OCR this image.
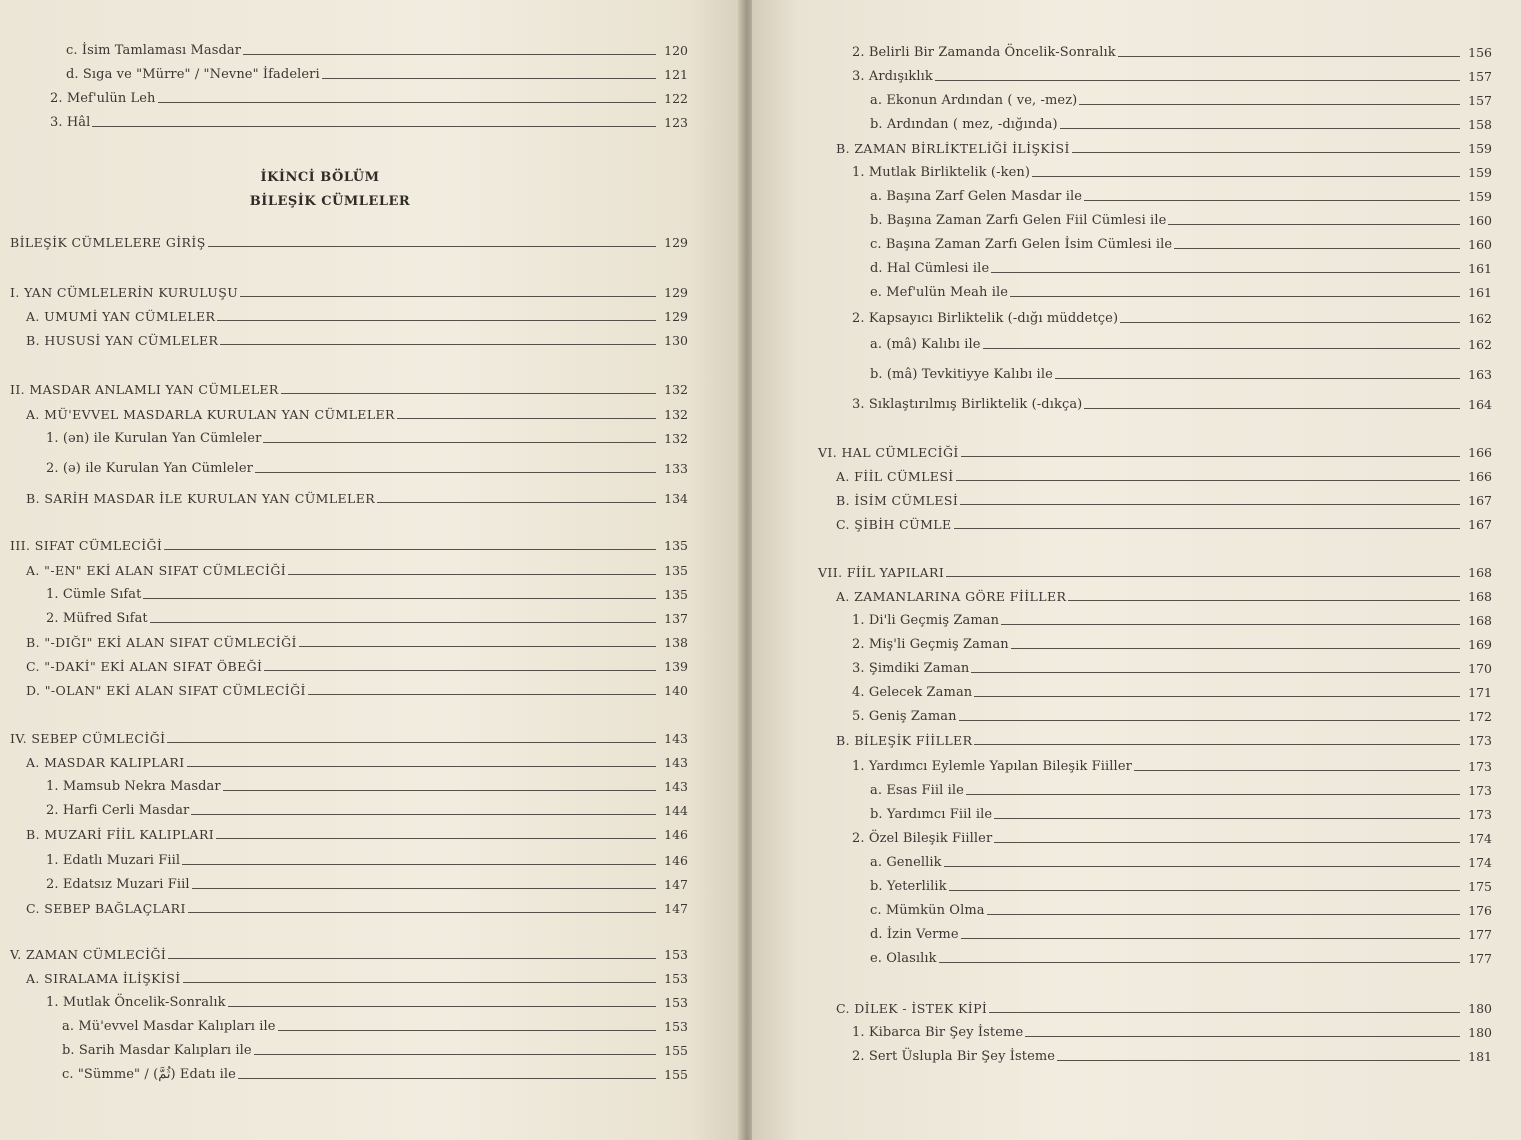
c. İsim Tamlaması Masdar	120
d. Sıga ve "Mürre" / "Nevne" İfadeleri	121
2. Mef'ulün Leh	122
3. Hâl	123
İKİNCİ BÖLÜM
BİLEŞİK CÜMLELER
BİLEŞİK CÜMLELERE GİRİŞ	129
I. YAN CÜMLELERİN KURULUŞU	129
A. UMUMİ YAN CÜMLELER	129
B. HUSUSİ YAN CÜMLELER	130
II. MASDAR ANLAMLI YAN CÜMLELER	132
A. MÜ'EVVEL MASDARLA KURULAN YAN CÜMLELER	132
1. (ən) ile Kurulan Yan Cümleler	132
2. (ə) ile Kurulan Yan Cümleler	133
B. SARİH MASDAR İLE KURULAN YAN CÜMLELER	134
III. SIFAT CÜMLECİĞİ	135
A. "-EN" EKİ ALAN SIFAT CÜMLECİĞİ	135
1. Cümle Sıfat	135
2. Müfred Sıfat	137
B. "-DIĞI" EKİ ALAN SIFAT CÜMLECİĞİ	138
C. "-DAKİ" EKİ ALAN SIFAT ÖBEĞİ	139
D. "-OLAN" EKİ ALAN SIFAT CÜMLECİĞİ	140
IV. SEBEP CÜMLECİĞİ	143
A. MASDAR KALIPLARI	143
1. Mamsub Nekra Masdar	143
2. Harfi Cerli Masdar	144
B. MUZARİ FİİL KALIPLARI	146
1. Edatlı Muzari Fiil	146
2. Edatsız Muzari Fiil	147
C. SEBEP BAĞLAÇLARI	147
V. ZAMAN CÜMLECİĞİ	153
A. SIRALAMA İLİŞKİSİ	153
1. Mutlak Öncelik-Sonralık	153
a. Mü'evvel Masdar Kalıpları ile	153
b. Sarih Masdar Kalıpları ile	155
c. "Sümme" / (ثُمَّ) Edatı ile	155
2. Belirli Bir Zamanda Öncelik-Sonralık	156
3. Ardışıklık	157
a. Ekonun Ardından ( ve, -mez)	157
b. Ardından ( mez, -dığında)	158
B. ZAMAN BİRLİKTELİĞİ İLİŞKİSİ	159
1. Mutlak Birliktelik (-ken)	159
a. Başına Zarf Gelen Masdar ile	159
b. Başına Zaman Zarfı Gelen Fiil Cümlesi ile	160
c. Başına Zaman Zarfı Gelen İsim Cümlesi ile	160
d. Hal Cümlesi ile	161
e. Mef'ulün Meah ile	161
2. Kapsayıcı Birliktelik (-dığı müddetçe)	162
a. (mâ) Kalıbı ile	162
b. (mâ) Tevkitiyye Kalıbı ile	163
3. Sıklaştırılmış Birliktelik (-dıkça)	164
VI. HAL CÜMLECİĞİ	166
A. FİİL CÜMLESİ	166
B. İSİM CÜMLESİ	167
C. ŞİBİH CÜMLE	167
VII. FİİL YAPILARI	168
A. ZAMANLARINA GÖRE FİİLLER	168
1. Di'li Geçmiş Zaman	168
2. Miş'li Geçmiş Zaman	169
3. Şimdiki Zaman	170
4. Gelecek Zaman	171
5. Geniş Zaman	172
B. BİLEŞİK FİİLLER	173
1. Yardımcı Eylemle Yapılan Bileşik Fiiller	173
a. Esas Fiil ile	173
b. Yardımcı Fiil ile	173
2. Özel Bileşik Fiiller	174
a. Genellik	174
b. Yeterlilik	175
c. Mümkün Olma	176
d. İzin Verme	177
e. Olasılık	177
C. DİLEK - İSTEK KİPİ	180
1. Kibarca Bir Şey İsteme	180
2. Sert Üslupla Bir Şey İsteme	181
